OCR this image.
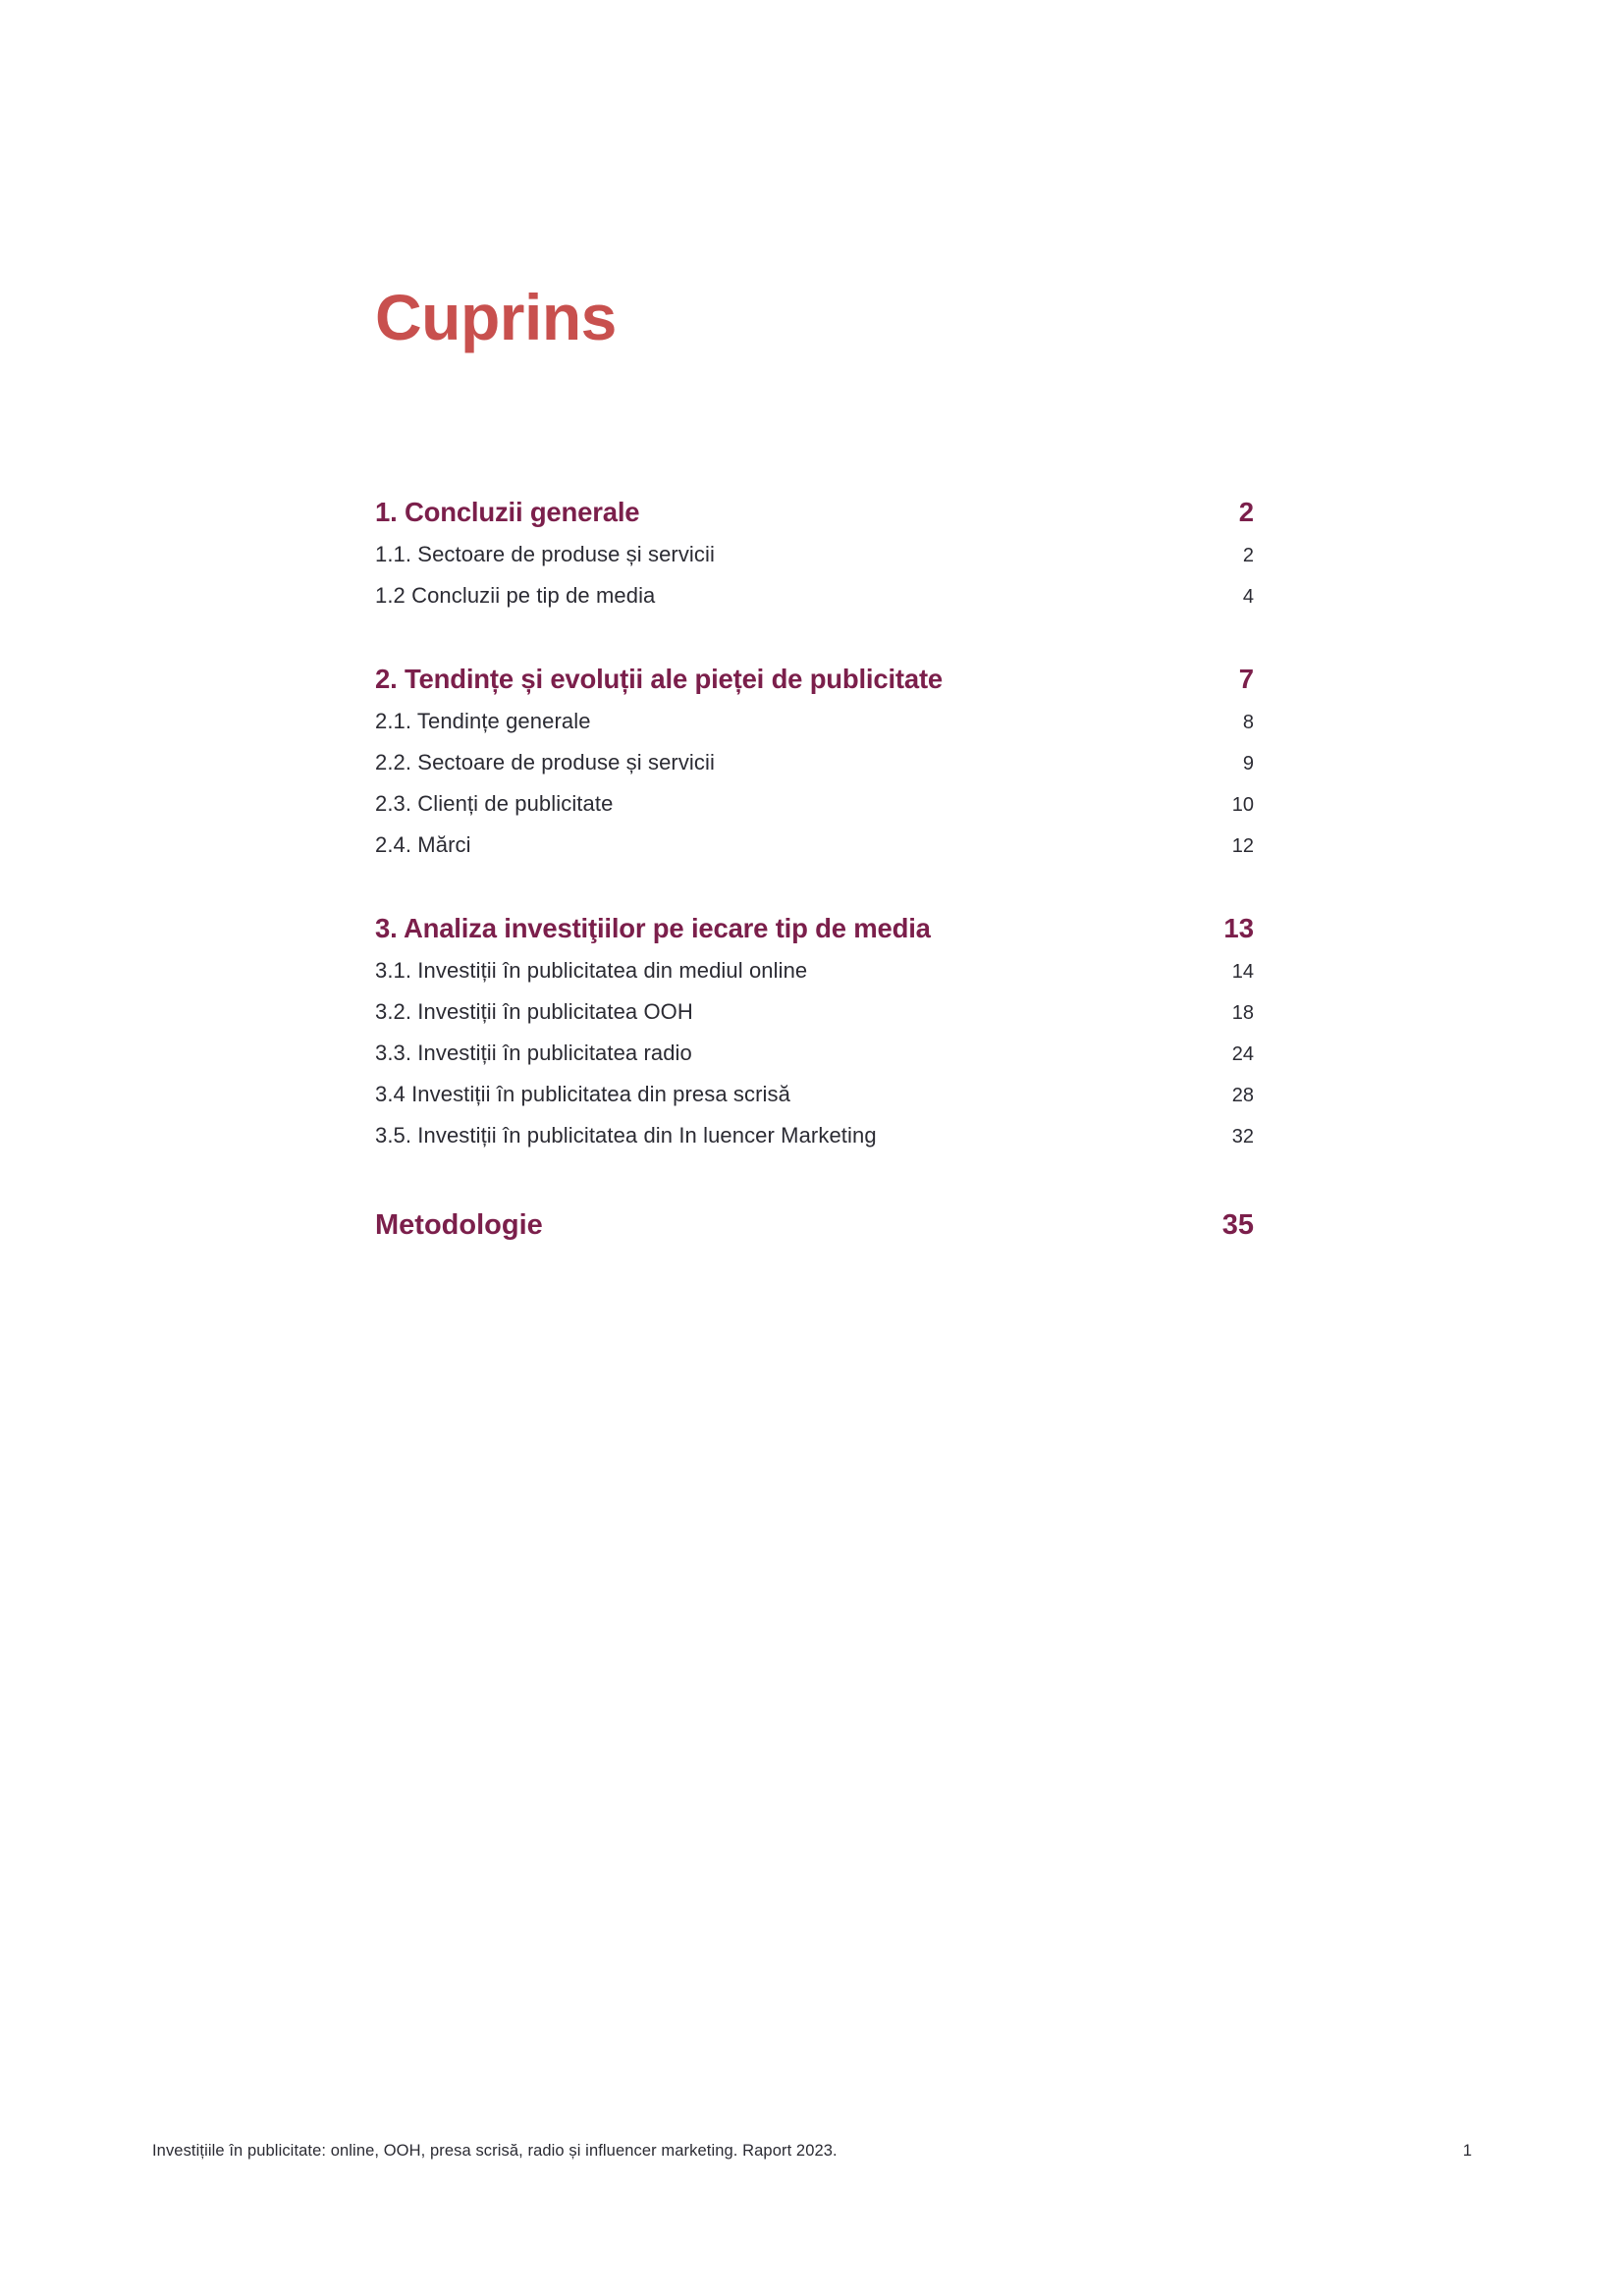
Cuprins
1. Concluzii generale	2
1.1. Sectoare de produse și servicii	2
1.2 Concluzii pe tip de media	4
2. Tendințe și evoluții ale pieței de publicitate	7
2.1. Tendințe generale	8
2.2. Sectoare de produse și servicii	9
2.3. Clienți de publicitate	10
2.4. Mărci	12
3. Analiza investiţiilor pe iecare tip de media	13
3.1. Investiții în publicitatea din mediul online	14
3.2. Investiții în publicitatea OOH	18
3.3. Investiții în publicitatea radio	24
3.4 Investiții în publicitatea din presa scrisă	28
3.5. Investiții în publicitatea din In luencer Marketing	32
Metodologie	35
Investițiile în publicitate: online, OOH, presa scrisă, radio și influencer marketing. Raport 2023.	1
